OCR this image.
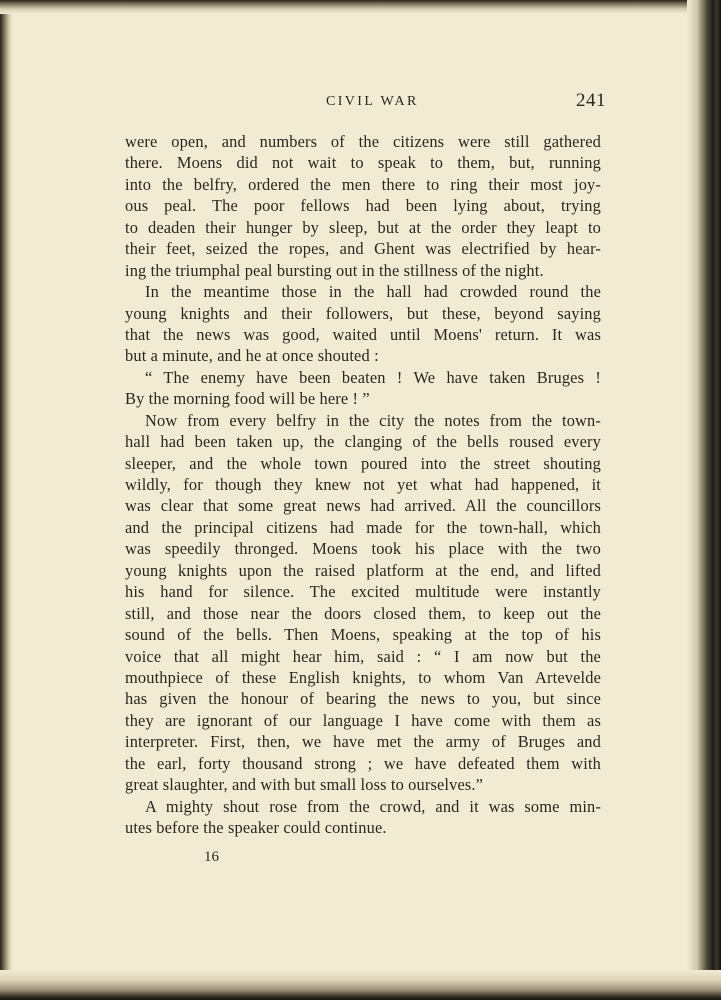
CIVIL WAR	241
were open, and numbers of the citizens were still gathered
there. Moens did not wait to speak to them, but, running
into the belfry, ordered the men there to ring their most joy-
ous peal. The poor fellows had been lying about, trying
to deaden their hunger by sleep, but at the order they leapt to
their feet, seized the ropes, and Ghent was electrified by hear-
ing the triumphal peal bursting out in the stillness of the night.
In the meantime those in the hall had crowded round the
young knights and their followers, but these, beyond saying
that the news was good, waited until Moens' return. It was
but a minute, and he at once shouted :
“ The enemy have been beaten ! We have taken Bruges !
By the morning food will be here ! ”
Now from every belfry in the city the notes from the town-
hall had been taken up, the clanging of the bells roused every
sleeper, and the whole town poured into the street shouting
wildly, for though they knew not yet what had happened, it
was clear that some great news had arrived. All the councillors
and the principal citizens had made for the town-hall, which
was speedily thronged. Moens took his place with the two
young knights upon the raised platform at the end, and lifted
his hand for silence. The excited multitude were instantly
still, and those near the doors closed them, to keep out the
sound of the bells. Then Moens, speaking at the top of his
voice that all might hear him, said : “ I am now but the
mouthpiece of these English knights, to whom Van Artevelde
has given the honour of bearing the news to you, but since
they are ignorant of our language I have come with them as
interpreter. First, then, we have met the army of Bruges and
the earl, forty thousand strong ; we have defeated them with
great slaughter, and with but small loss to ourselves.”
A mighty shout rose from the crowd, and it was some min-
utes before the speaker could continue.
16
